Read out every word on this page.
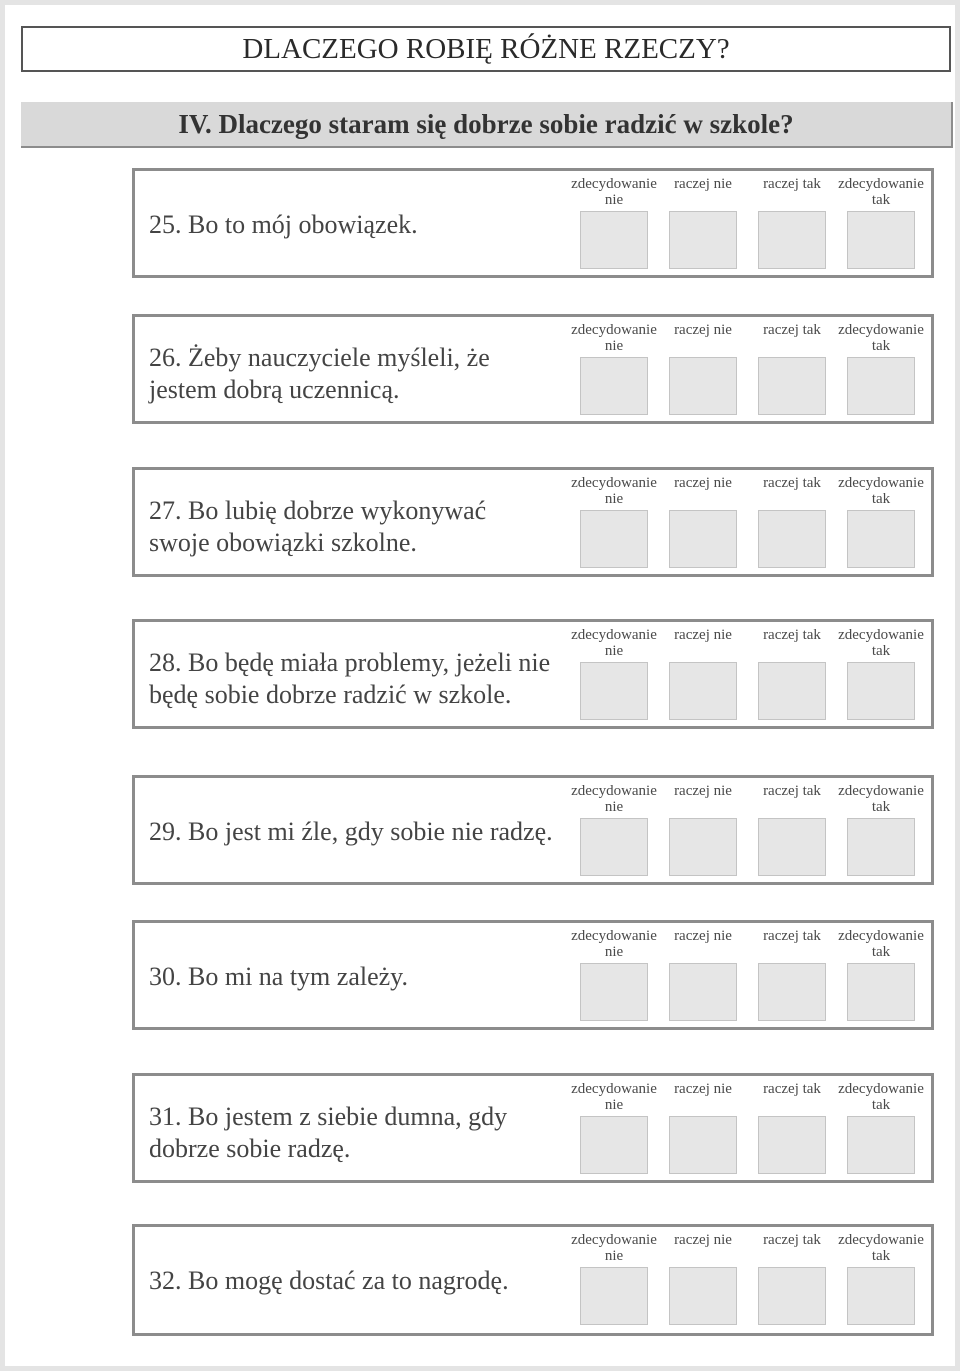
DLACZEGO ROBIĘ RÓŻNE RZECZY?
IV. Dlaczego staram się dobrze sobie radzić w szkole?
25. Bo to mój obowiązek.
zdecydowanie
nie
raczej nie	raczej tak	zdecydowanie
tak
26. Żeby nauczyciele myśleli, że
jestem dobrą uczennicą.
zdecydowanie
nie
raczej nie	raczej tak	zdecydowanie
tak
27. Bo lubię dobrze wykonywać
swoje obowiązki szkolne.
zdecydowanie
nie
raczej nie	raczej tak	zdecydowanie
tak
28. Bo będę miała problemy, jeżeli nie
będę sobie dobrze radzić w szkole.
zdecydowanie
nie
raczej nie	raczej tak	zdecydowanie
tak
29. Bo jest mi źle, gdy sobie nie radzę.
zdecydowanie
nie
raczej nie	raczej tak	zdecydowanie
tak
30. Bo mi na tym zależy.
zdecydowanie
nie
raczej nie	raczej tak	zdecydowanie
tak
31. Bo jestem z siebie dumna, gdy
dobrze sobie radzę.
zdecydowanie
nie
raczej nie	raczej tak	zdecydowanie
tak
32. Bo mogę dostać za to nagrodę.
zdecydowanie
nie
raczej nie	raczej tak	zdecydowanie
tak
